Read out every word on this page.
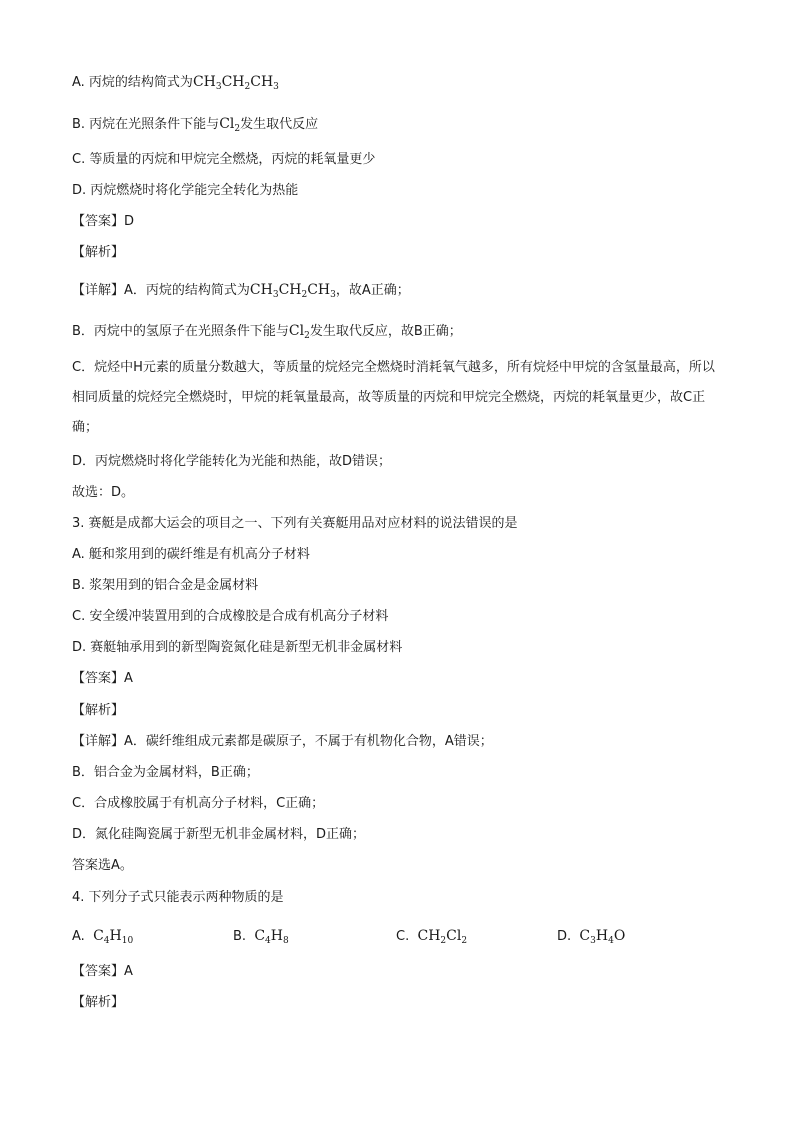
A. 丙烷的结构简式为$CH_3CH_2CH_3$
B. 丙烷在光照条件下能与$Cl_2$发生取代反应
C. 等质量的丙烷和甲烷完全燃烧，丙烷的耗氧量更少
D. 丙烷燃烧时将化学能完全转化为热能
【答案】D
【解析】
【详解】A．丙烷的结构简式为$CH_3CH_2CH_3$，故A正确；
B．丙烷中的氢原子在光照条件下能与$Cl_2$发生取代反应，故B正确；
C．烷烃中H元素的质量分数越大，等质量的烷烃完全燃烧时消耗氧气越多，所有烷烃中甲烷的含氢量最高，所以相同质量的烷烃完全燃烧时，甲烷的耗氧量最高，故等质量的丙烷和甲烷完全燃烧，丙烷的耗氧量更少，故C正确；
D．丙烷燃烧时将化学能转化为光能和热能，故D错误；
故选：D。
3. 赛艇是成都大运会的项目之一、下列有关赛艇用品对应材料的说法错误的是
A. 艇和浆用到的碳纤维是有机高分子材料
B. 浆架用到的铝合金是金属材料
C. 安全缓冲装置用到的合成橡胶是合成有机高分子材料
D. 赛艇轴承用到的新型陶瓷氮化硅是新型无机非金属材料
【答案】A
【解析】
【详解】A．碳纤维组成元素都是碳原子，不属于有机物化合物，A错误；
B．铝合金为金属材料，B正确；
C．合成橡胶属于有机高分子材料，C正确；
D．氮化硅陶瓷属于新型无机非金属材料，D正确；
答案选A。
4. 下列分子式只能表示两种物质的是
A. $C_4H_{10}$	B. $C_4H_8$	C. $CH_2Cl_2$	D. $C_3H_4O$
【答案】A
【解析】
